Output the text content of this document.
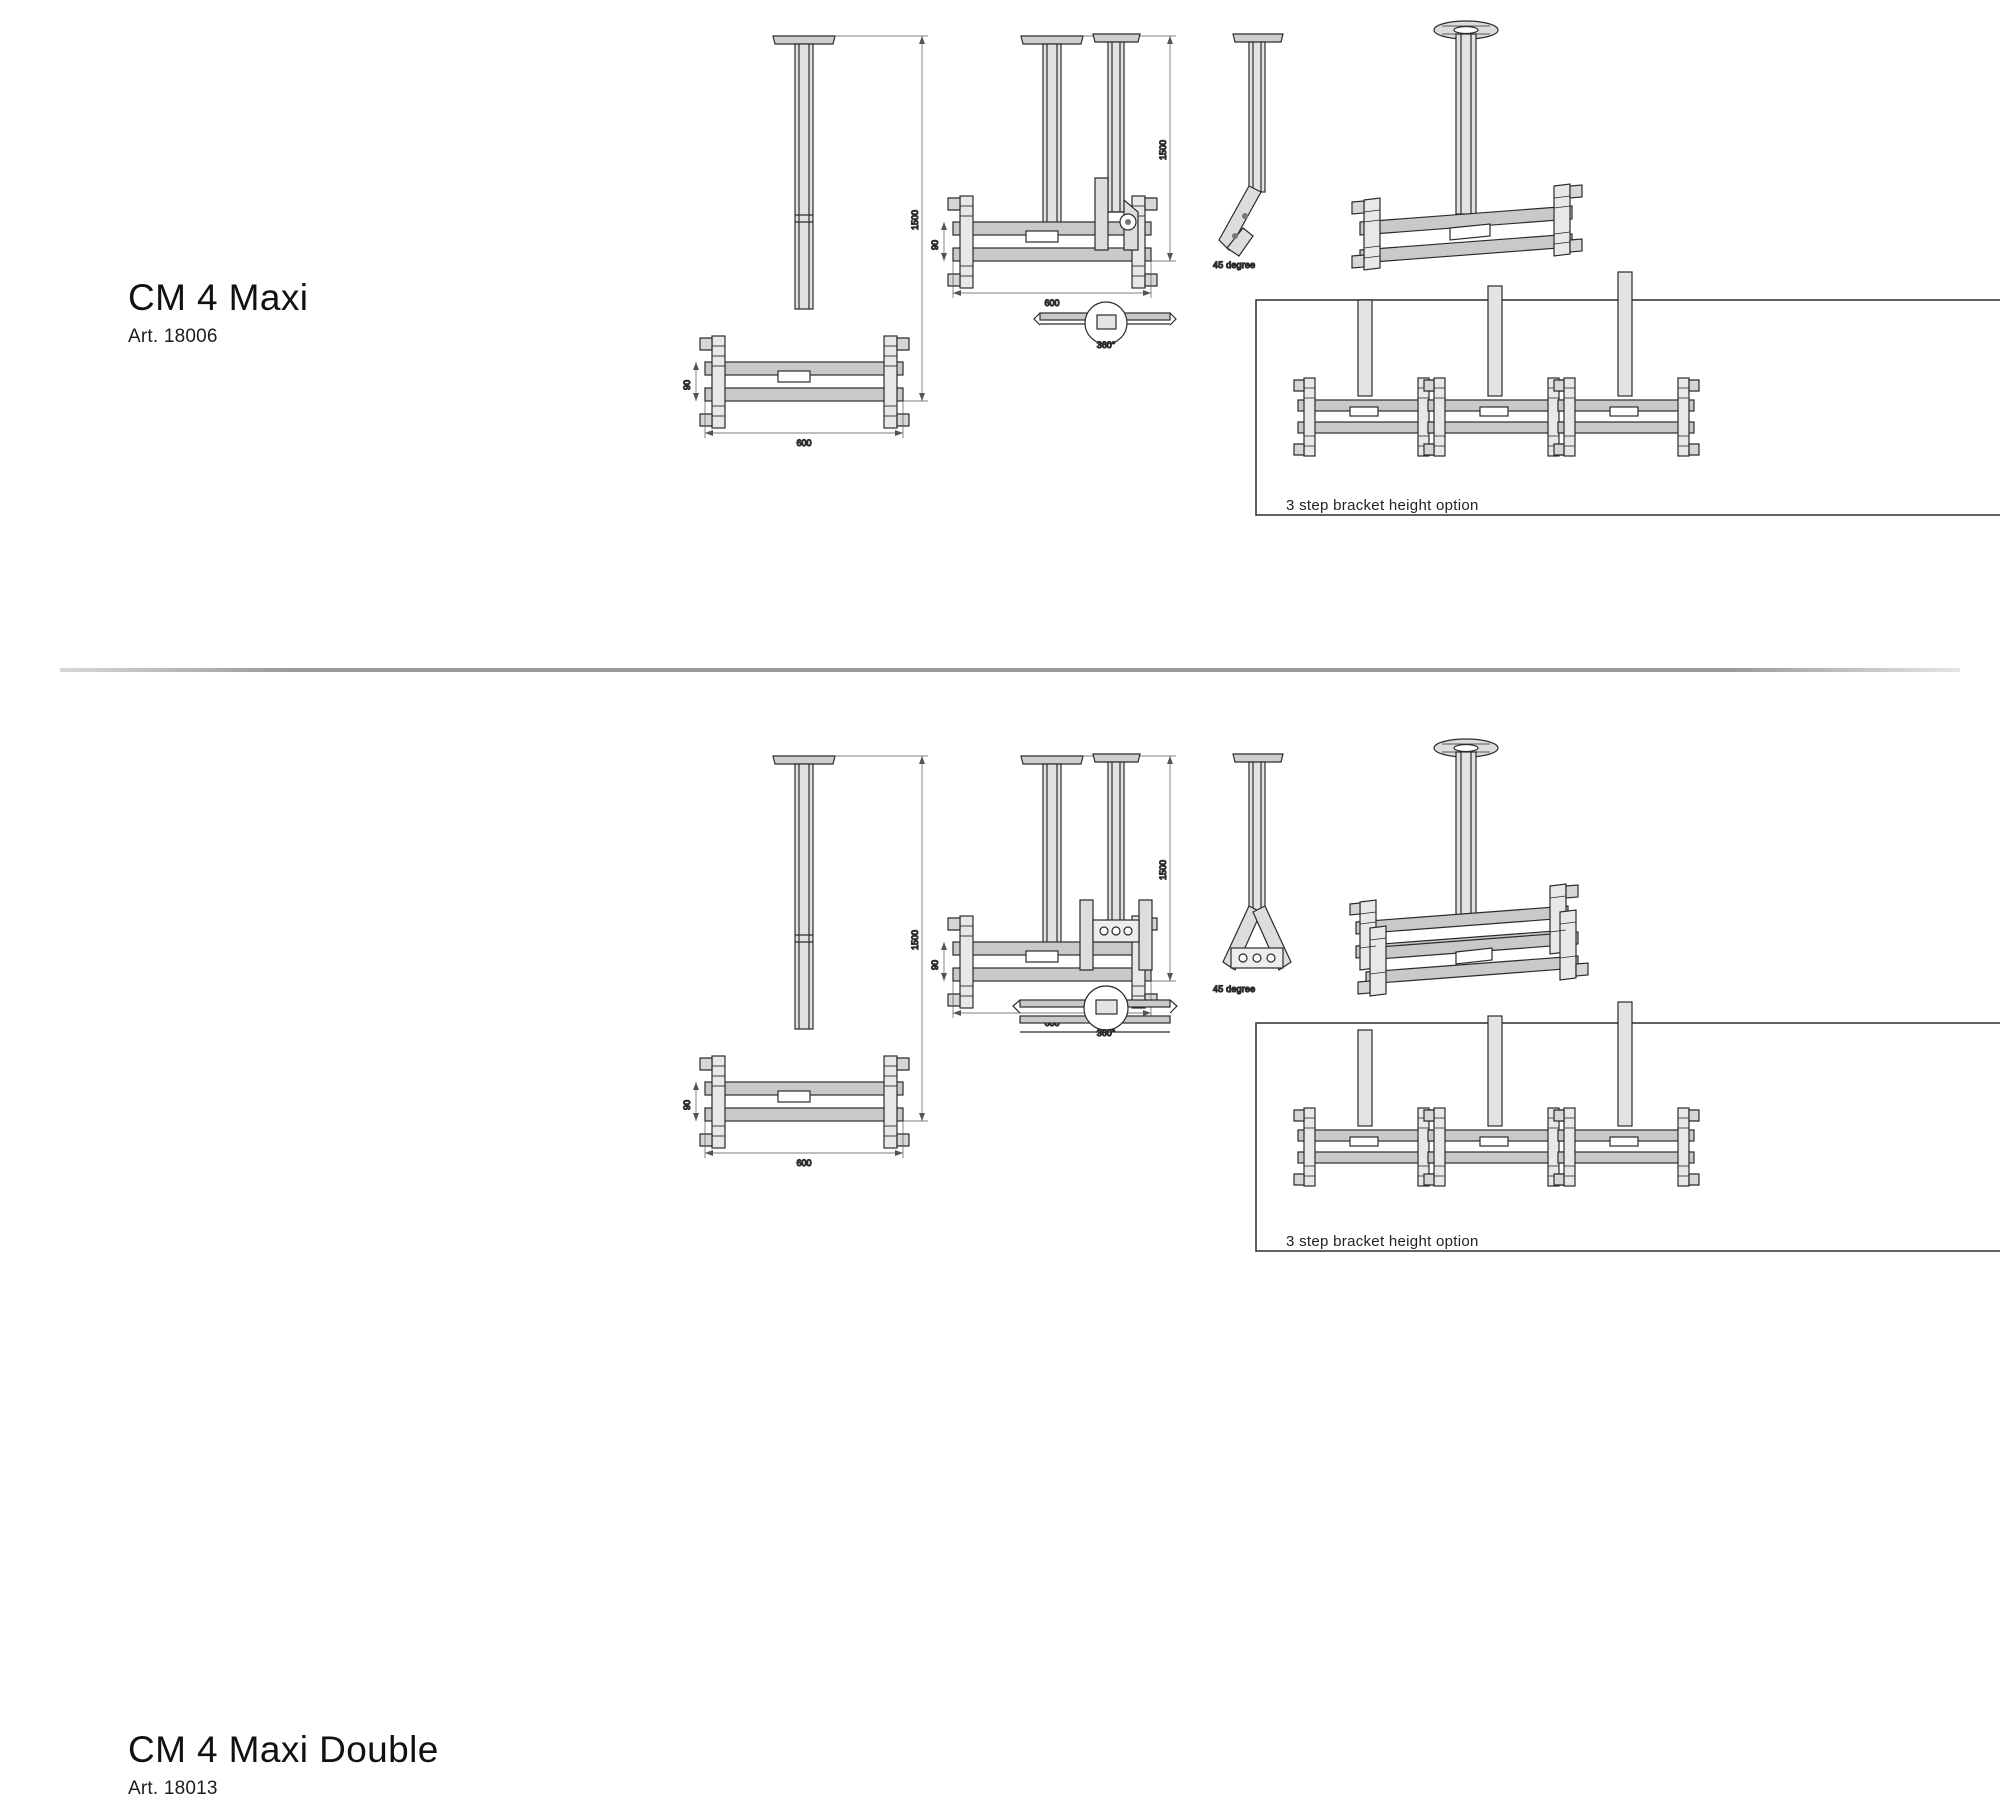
CM 4 Maxi
Art. 18006
1500
600
90
1500
600
90
360°
45 degree
3 step bracket height option
CM 4 Maxi Double
Art. 18013
1500
600
90
1500
90
360°
45 degree
3 step bracket height option
